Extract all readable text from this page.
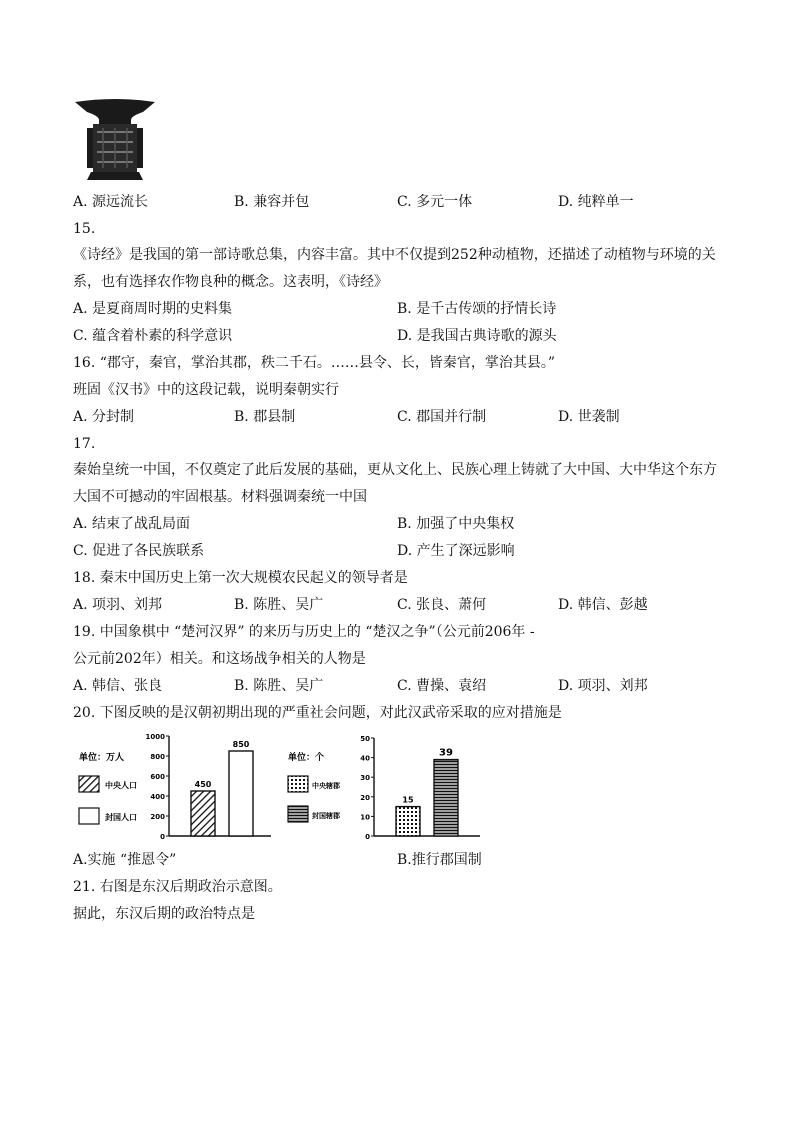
A. 源远流长	B. 兼容并包	C. 多元一体	D. 纯粹单一
15.
《诗经》是我国的第一部诗歌总集，内容丰富。其中不仅提到252种动植物，还描述了动植物与环境的关
系，也有选择农作物良种的概念。这表明，《诗经》
A. 是夏商周时期的史料集	B. 是千古传颂的抒情长诗
C. 蕴含着朴素的科学意识	D. 是我国古典诗歌的源头
16. “郡守，秦官，掌治其郡，秩二千石。……县令、长，皆秦官，掌治其县。”
班固《汉书》中的这段记载，说明秦朝实行
A. 分封制	B. 郡县制	C. 郡国并行制	D. 世袭制
17.
秦始皇统一中国，不仅奠定了此后发展的基础，更从文化上、民族心理上铸就了大中国、大中华这个东方
大国不可撼动的牢固根基。材料强调秦统一中国
A. 结束了战乱局面	B. 加强了中央集权
C. 促进了各民族联系	D. 产生了深远影响
18. 秦末中国历史上第一次大规模农民起义的领导者是
A. 项羽、刘邦	B. 陈胜、吴广	C. 张良、萧何	D. 韩信、彭越
19. 中国象棋中 “楚河汉界” 的来历与历史上的 “楚汉之争”（公元前206年 -
公元前202年）相关。和这场战争相关的人物是
A. 韩信、张良	B. 陈胜、吴广	C. 曹操、袁绍	D. 项羽、刘邦
20. 下图反映的是汉朝初期出现的严重社会问题，对此汉武帝采取的应对措施是
单位：万人
中央人口
封国人口
0
200
400
600
800
1000
450
850
单位：个
中央辖郡
封国辖郡
0
10
20
30
40
50
15
39
A.实施 “推恩令”	B.推行郡国制
21. 右图是东汉后期政治示意图。
据此，东汉后期的政治特点是
